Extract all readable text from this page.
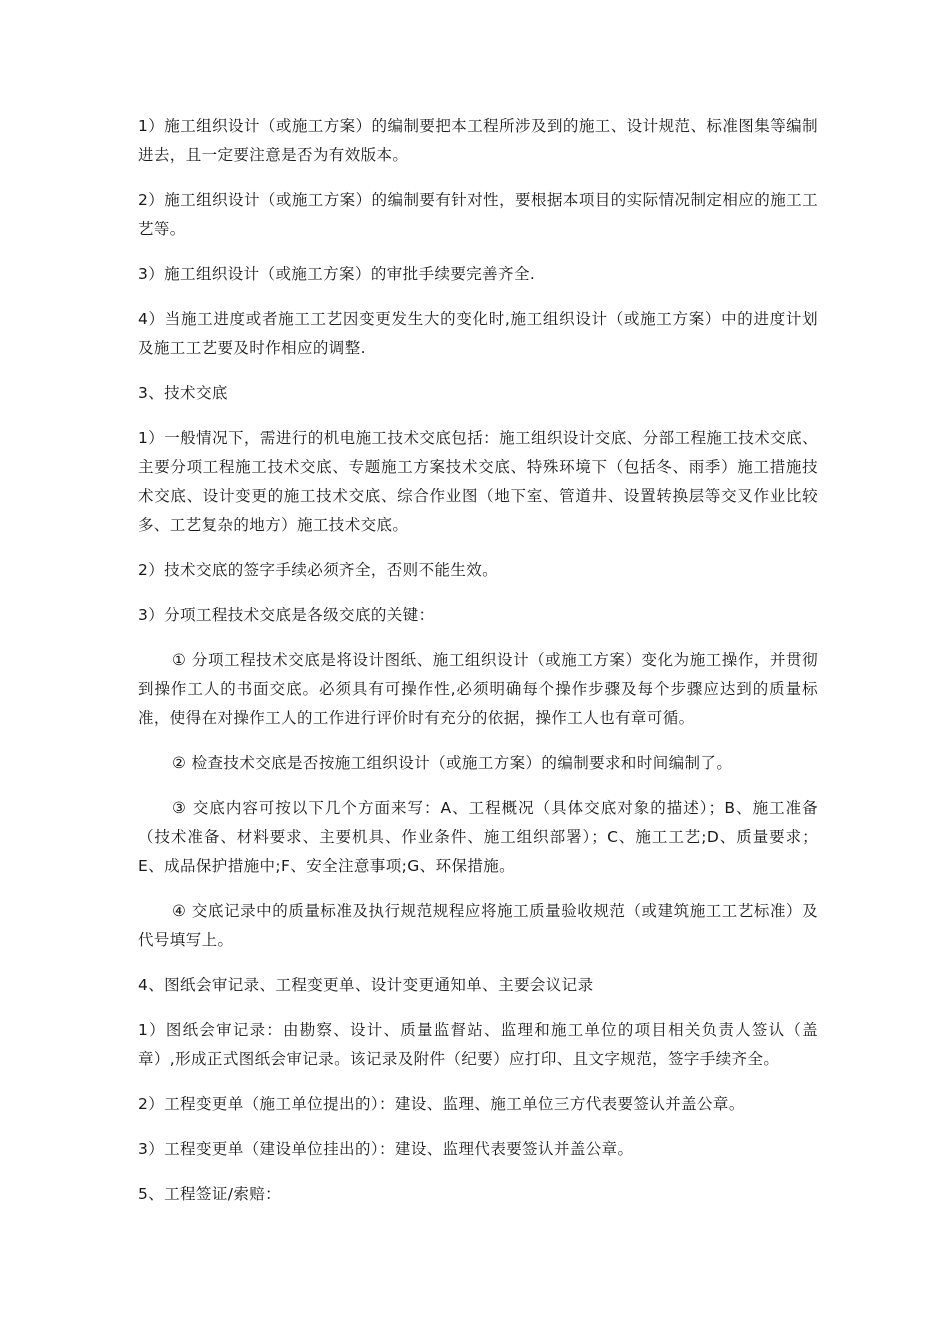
1）施工组织设计（或施工方案）的编制要把本工程所涉及到的施工、设计规范、标准图集等编制进去，且一定要注意是否为有效版本。

2）施工组织设计（或施工方案）的编制要有针对性，要根据本项目的实际情况制定相应的施工工艺等。

3）施工组织设计（或施工方案）的审批手续要完善齐全.

4）当施工进度或者施工工艺因变更发生大的变化时,施工组织设计（或施工方案）中的进度计划及施工工艺要及时作相应的调整.

3、技术交底

1）一般情况下，需进行的机电施工技术交底包括：施工组织设计交底、分部工程施工技术交底、主要分项工程施工技术交底、专题施工方案技术交底、特殊环境下（包括冬、雨季）施工措施技术交底、设计变更的施工技术交底、综合作业图（地下室、管道井、设置转换层等交叉作业比较多、工艺复杂的地方）施工技术交底。

2）技术交底的签字手续必须齐全，否则不能生效。

3）分项工程技术交底是各级交底的关键：

① 分项工程技术交底是将设计图纸、施工组织设计（或施工方案）变化为施工操作，并贯彻到操作工人的书面交底。必须具有可操作性,必须明确每个操作步骤及每个步骤应达到的质量标准，使得在对操作工人的工作进行评价时有充分的依据，操作工人也有章可循。

② 检查技术交底是否按施工组织设计（或施工方案）的编制要求和时间编制了。

③ 交底内容可按以下几个方面来写：A、工程概况（具体交底对象的描述）；B、施工准备（技术准备、材料要求、主要机具、作业条件、施工组织部署）；C、施工工艺;D、质量要求；E、成品保护措施中;F、安全注意事项;G、环保措施。

④ 交底记录中的质量标准及执行规范规程应将施工质量验收规范（或建筑施工工艺标准）及代号填写上。

4、图纸会审记录、工程变更单、设计变更通知单、主要会议记录

1）图纸会审记录：由勘察、设计、质量监督站、监理和施工单位的项目相关负责人签认（盖章）,形成正式图纸会审记录。该记录及附件（纪要）应打印、且文字规范，签字手续齐全。

2）工程变更单（施工单位提出的）：建设、监理、施工单位三方代表要签认并盖公章。

3）工程变更单（建设单位挂出的）：建设、监理代表要签认并盖公章。

5、工程签证/索赔：
